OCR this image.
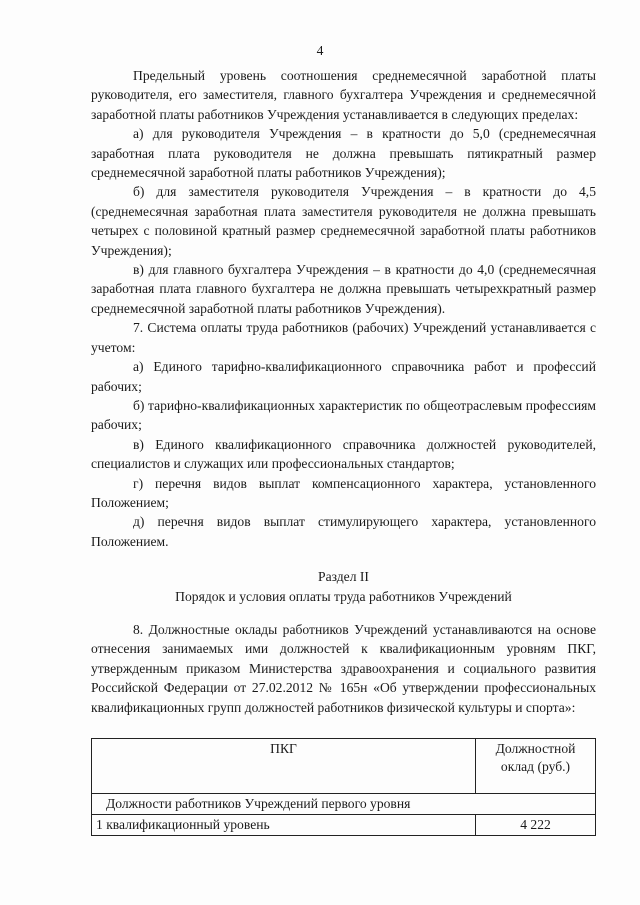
4

Предельный уровень соотношения среднемесячной заработной платы руководителя, его заместителя, главного бухгалтера Учреждения и среднемесячной заработной платы работников Учреждения устанавливается в следующих пределах:

а) для руководителя Учреждения – в кратности до 5,0 (среднемесячная заработная плата руководителя не должна превышать пятикратный размер среднемесячной заработной платы работников Учреждения);

б) для заместителя руководителя Учреждения – в кратности до 4,5 (среднемесячная заработная плата заместителя руководителя не должна превышать четырех с половиной кратный размер среднемесячной заработной платы работников Учреждения);

в) для главного бухгалтера Учреждения – в кратности до 4,0 (среднемесячная заработная плата главного бухгалтера не должна превышать четырехкратный размер среднемесячной заработной платы работников Учреждения).

7. Система оплаты труда работников (рабочих) Учреждений устанавливается с учетом:

а) Единого тарифно-квалификационного справочника работ и профессий рабочих;

б) тарифно-квалификационных характеристик по общеотраслевым профессиям рабочих;

в) Единого квалификационного справочника должностей руководителей, специалистов и служащих или профессиональных стандартов;

г) перечня видов выплат компенсационного характера, установленного Положением;

д) перечня видов выплат стимулирующего характера, установленного Положением.

Раздел II
Порядок и условия оплаты труда работников Учреждений

8. Должностные оклады работников Учреждений устанавливаются на основе отнесения занимаемых ими должностей к квалификационным уровням ПКГ, утвержденным приказом Министерства здравоохранения и социального развития Российской Федерации от 27.02.2012 № 165н «Об утверждении профессиональных квалификационных групп должностей работников физической культуры и спорта»:

ПКГ	Должностной оклад (руб.)
Должности работников Учреждений первого уровня	
1 квалификационный уровень	4 222
